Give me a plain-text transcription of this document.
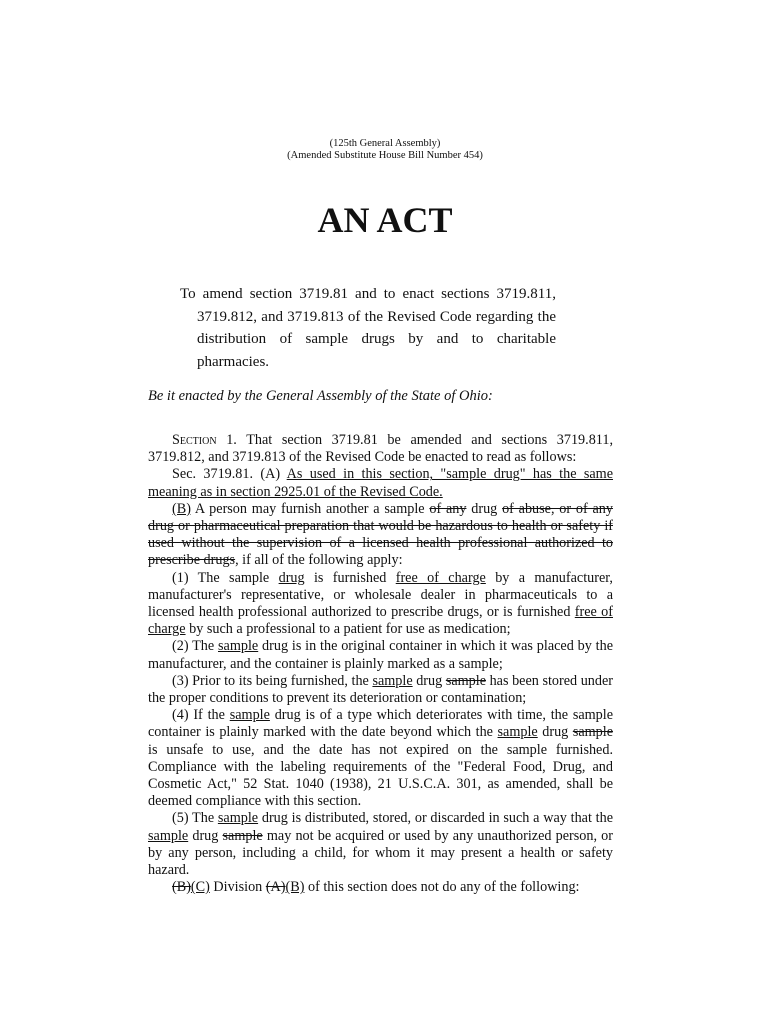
(125th General Assembly)
(Amended Substitute House Bill Number 454)
AN ACT
To amend section 3719.81 and to enact sections 3719.811, 3719.812, and 3719.813 of the Revised Code regarding the distribution of sample drugs by and to charitable pharmacies.
Be it enacted by the General Assembly of the State of Ohio:

Section 1. That section 3719.81 be amended and sections 3719.811, 3719.812, and 3719.813 of the Revised Code be enacted to read as follows:

Sec. 3719.81. (A) As used in this section, "sample drug" has the same meaning as in section 2925.01 of the Revised Code.

(B) A person may furnish another a sample of any drug of abuse, or of any drug or pharmaceutical preparation that would be hazardous to health or safety if used without the supervision of a licensed health professional authorized to prescribe drugs, if all of the following apply:

(1) The sample drug is furnished free of charge by a manufacturer, manufacturer's representative, or wholesale dealer in pharmaceuticals to a licensed health professional authorized to prescribe drugs, or is furnished free of charge by such a professional to a patient for use as medication;

(2) The sample drug is in the original container in which it was placed by the manufacturer, and the container is plainly marked as a sample;

(3) Prior to its being furnished, the sample drug sample has been stored under the proper conditions to prevent its deterioration or contamination;

(4) If the sample drug is of a type which deteriorates with time, the sample container is plainly marked with the date beyond which the sample drug sample is unsafe to use, and the date has not expired on the sample furnished. Compliance with the labeling requirements of the "Federal Food, Drug, and Cosmetic Act," 52 Stat. 1040 (1938), 21 U.S.C.A. 301, as amended, shall be deemed compliance with this section.

(5) The sample drug is distributed, stored, or discarded in such a way that the sample drug sample may not be acquired or used by any unauthorized person, or by any person, including a child, for whom it may present a health or safety hazard.

(B)(C) Division (A)(B) of this section does not do any of the following:
